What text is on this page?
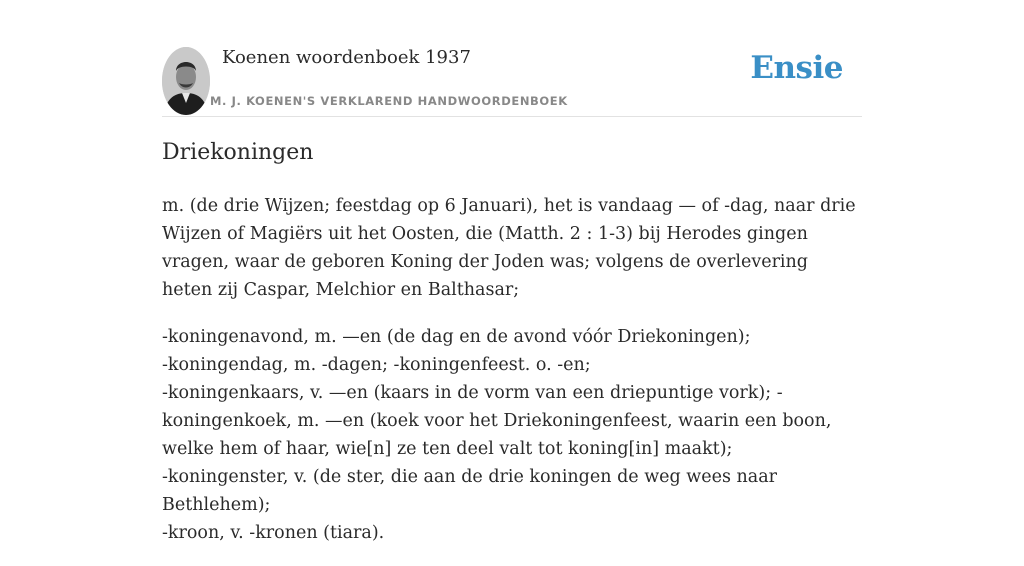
Koenen woordenboek 1937
M. J. KOENEN'S VERKLAREND HANDWOORDENBOEK
Ensie
Driekoningen

m. (de drie Wijzen; feestdag op 6 Januari), het is vandaag — of -dag, naar drie Wijzen of Magiërs uit het Oosten, die (Matth. 2 : 1-3) bij Herodes gingen vragen, waar de geboren Koning der Joden was; volgens de overlevering heten zij Caspar, Melchior en Balthasar;

-koningenavond, m. —en (de dag en de avond vóór Driekoningen);
-koningendag, m. -dagen; -koningenfeest. o. -en;
-koningenkaars, v. —en (kaars in de vorm van een driepuntige vork); -koningenkoek, m. —en (koek voor het Driekoningenfeest, waarin een boon, welke hem of haar, wie[n] ze ten deel valt tot koning[in] maakt);
-koningenster, v. (de ster, die aan de drie koningen de weg wees naar Bethlehem);
-kroon, v. -kronen (tiara).
